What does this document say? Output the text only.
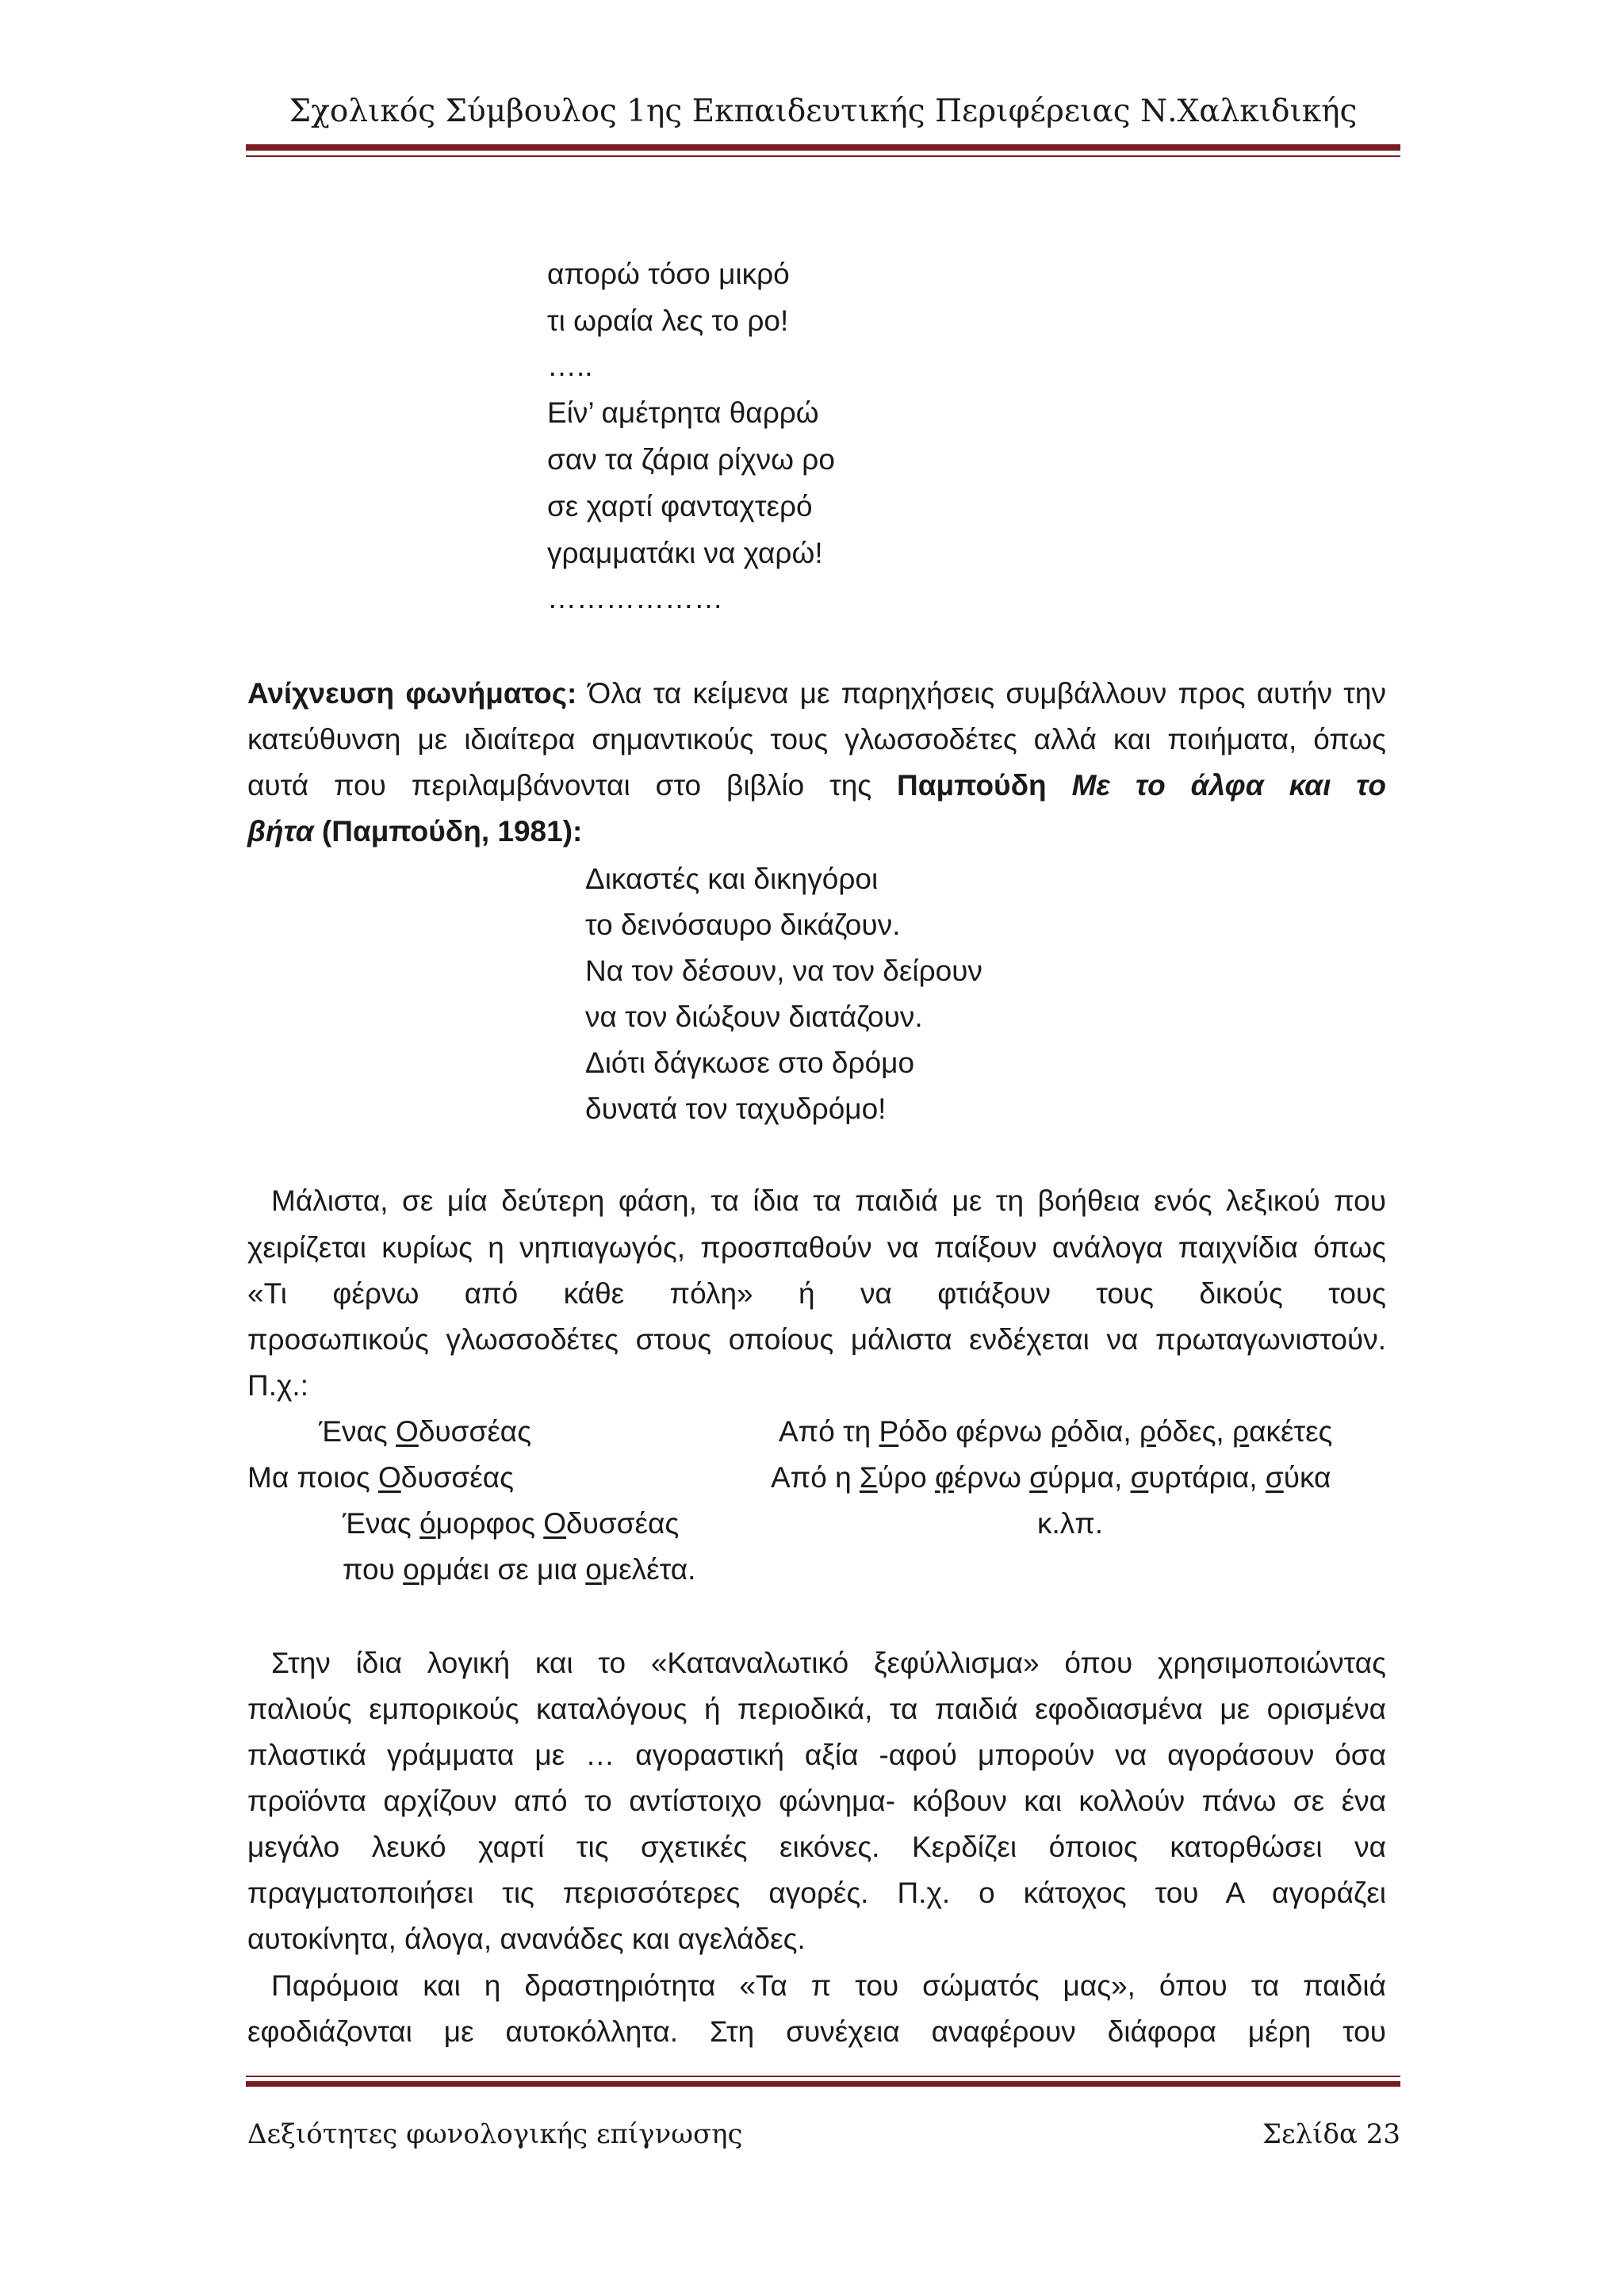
Σχολικός Σύμβουλος 1ης Εκπαιδευτικής Περιφέρειας Ν.Χαλκιδικής
απορώ τόσο μικρό
τι ωραία λες το ρο!
…..
Είν’ αμέτρητα θαρρώ
σαν τα ζάρια ρίχνω ρο
σε χαρτί φανταχτερό
γραμματάκι να χαρώ!
………………
Ανίχνευση φωνήματος: Όλα τα κείμενα με παρηχήσεις συμβάλλουν προς αυτήν την
κατεύθυνση με ιδιαίτερα σημαντικούς τους γλωσσοδέτες αλλά και ποιήματα, όπως
αυτά που περιλαμβάνονται στο βιβλίο της Παμπούδη Με το άλφα και το
βήτα (Παμπούδη, 1981):
Δικαστές και δικηγόροι
το δεινόσαυρο δικάζουν.
Να τον δέσουν, να τον δείρουν
να τον διώξουν διατάζουν.
Διότι δάγκωσε στο δρόμο
δυνατά τον ταχυδρόμο!
Μάλιστα, σε μία δεύτερη φάση, τα ίδια τα παιδιά με τη βοήθεια ενός λεξικού που
χειρίζεται κυρίως η νηπιαγωγός, προσπαθούν να παίξουν ανάλογα παιχνίδια όπως
«Τι φέρνω από κάθε πόλη» ή να φτιάξουν τους δικούς τους
προσωπικούς γλωσσοδέτες στους οποίους μάλιστα ενδέχεται να πρωταγωνιστούν.
Π.χ.:
Ένας Οδυσσέας
Μα ποιος Οδυσσέας
Ένας όμορφος Οδυσσέας
που ορμάει σε μια ομελέτα.
Από τη Ρόδο φέρνω ρόδια, ρόδες, ρακέτες
Από η Σύρο φέρνω σύρμα, συρτάρια, σύκα
κ.λπ.
Στην ίδια λογική και το «Καταναλωτικό ξεφύλλισμα» όπου χρησιμοποιώντας
παλιούς εμπορικούς καταλόγους ή περιοδικά, τα παιδιά εφοδιασμένα με ορισμένα
πλαστικά γράμματα με … αγοραστική αξία -αφού μπορούν να αγοράσουν όσα
προϊόντα αρχίζουν από το αντίστοιχο φώνημα- κόβουν και κολλούν πάνω σε ένα
μεγάλο λευκό χαρτί τις σχετικές εικόνες. Κερδίζει όποιος κατορθώσει να
πραγματοποιήσει τις περισσότερες αγορές. Π.χ. ο κάτοχος του Α αγοράζει
αυτοκίνητα, άλογα, ανανάδες και αγελάδες.
Παρόμοια και η δραστηριότητα «Τα π του σώματός μας», όπου τα παιδιά
εφοδιάζονται με αυτοκόλλητα. Στη συνέχεια αναφέρουν διάφορα μέρη του
Δεξιότητες φωνολογικής επίγνωσης	Σελίδα 23
